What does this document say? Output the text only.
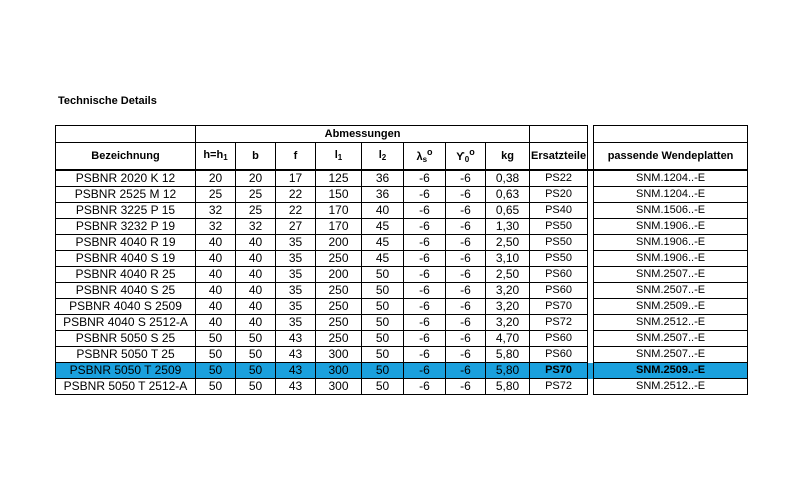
Technische Details
	Abmessungen										
Bezeichnung	$h=h_1$	b	f	$l_1$	$l_2$	$\lambda_s^o$	$ϒ_0^o$	kg	Ersatzteile		passende Wendeplatten
PSBNR 2020 K 12	20	20	17	125	36	-6	-6	0,38	PS22		SNM.1204..-E
PSBNR 2525 M 12	25	25	22	150	36	-6	-6	0,63	PS20		SNM.1204..-E
PSBNR 3225 P 15	32	25	22	170	40	-6	-6	0,65	PS40		SNM.1506..-E
PSBNR 3232 P 19	32	32	27	170	45	-6	-6	1,30	PS50		SNM.1906..-E
PSBNR 4040 R 19	40	40	35	200	45	-6	-6	2,50	PS50		SNM.1906..-E
PSBNR 4040 S 19	40	40	35	250	45	-6	-6	3,10	PS50		SNM.1906..-E
PSBNR 4040 R 25	40	40	35	200	50	-6	-6	2,50	PS60		SNM.2507..-E
PSBNR 4040 S 25	40	40	35	250	50	-6	-6	3,20	PS60		SNM.2507..-E
PSBNR 4040 S 2509	40	40	35	250	50	-6	-6	3,20	PS70		SNM.2509..-E
PSBNR 4040 S 2512-A	40	40	35	250	50	-6	-6	3,20	PS72		SNM.2512..-E
PSBNR 5050 S 25	50	50	43	250	50	-6	-6	4,70	PS60		SNM.2507..-E
PSBNR 5050 T 25	50	50	43	300	50	-6	-6	5,80	PS60		SNM.2507..-E
PSBNR 5050 T 2509	50	50	43	300	50	-6	-6	5,80	PS70		SNM.2509..-E
PSBNR 5050 T 2512-A	50	50	43	300	50	-6	-6	5,80	PS72		SNM.2512..-E
